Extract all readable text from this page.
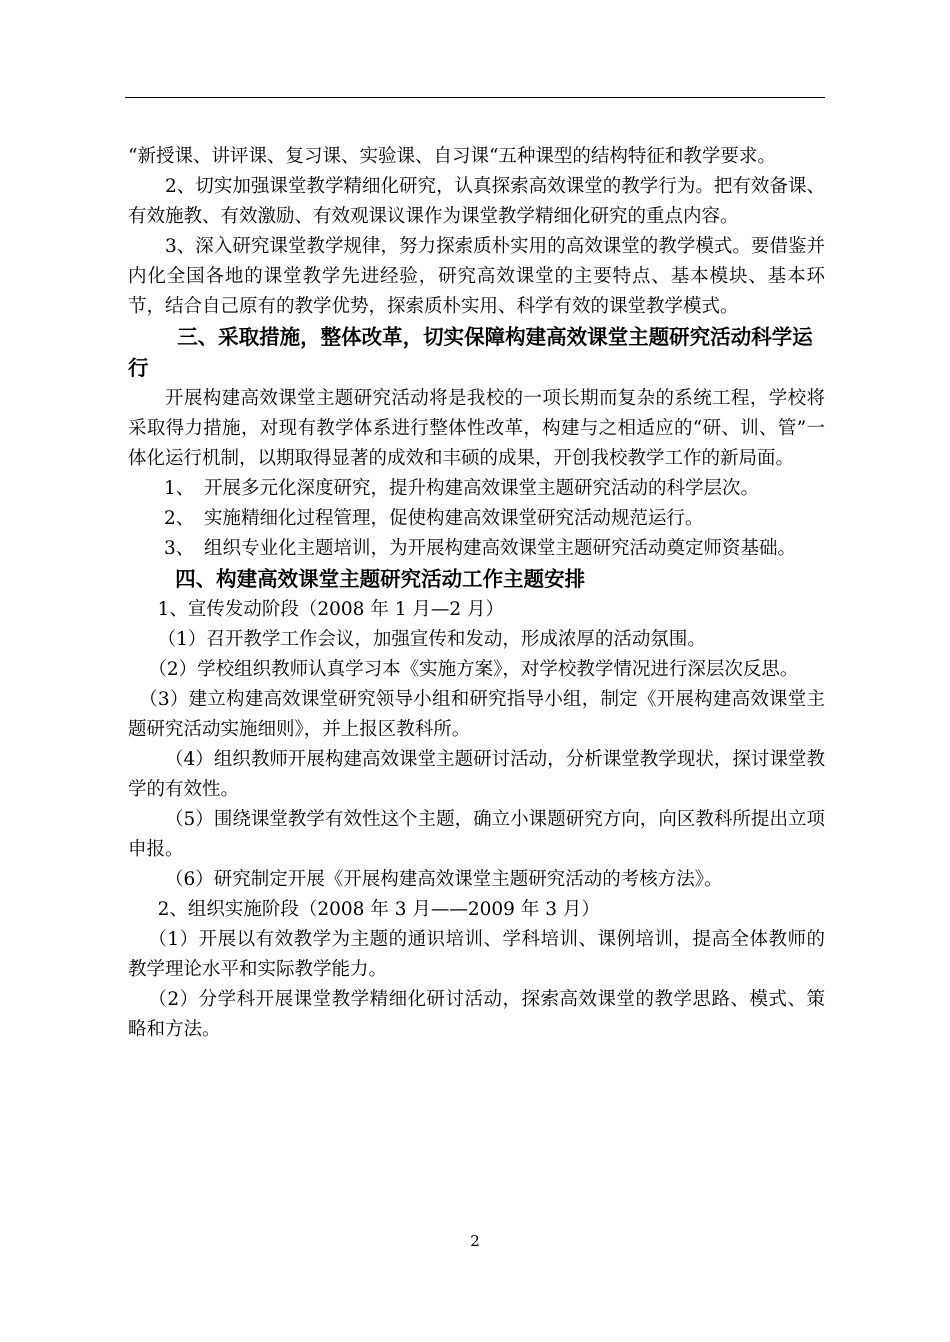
“新授课、讲评课、复习课、实验课、自习课“五种课型的结构特征和教学要求。

2、切实加强课堂教学精细化研究，认真探索高效课堂的教学行为。把有效备课、有效施教、有效激励、有效观课议课作为课堂教学精细化研究的重点内容。

3、深入研究课堂教学规律，努力探索质朴实用的高效课堂的教学模式。要借鉴并内化全国各地的课堂教学先进经验，研究高效课堂的主要特点、基本模块、基本环节，结合自己原有的教学优势，探索质朴实用、科学有效的课堂教学模式。

三、采取措施，整体改革，切实保障构建高效课堂主题研究活动科学运行

开展构建高效课堂主题研究活动将是我校的一项长期而复杂的系统工程，学校将采取得力措施，对现有教学体系进行整体性改革，构建与之相适应的“研、训、管”一体化运行机制，以期取得显著的成效和丰硕的成果，开创我校教学工作的新局面。

1、 开展多元化深度研究，提升构建高效课堂主题研究活动的科学层次。
2、 实施精细化过程管理，促使构建高效课堂研究活动规范运行。
3、 组织专业化主题培训，为开展构建高效课堂主题研究活动奠定师资基础。

四、构建高效课堂主题研究活动工作主题安排

1、宣传发动阶段（2008 年 1 月—2 月）

（1）召开教学工作会议，加强宣传和发动，形成浓厚的活动氛围。

（2）学校组织教师认真学习本《实施方案》，对学校教学情况进行深层次反思。

（3）建立构建高效课堂研究领导小组和研究指导小组，制定《开展构建高效课堂主题研究活动实施细则》，并上报区教科所。

（4）组织教师开展构建高效课堂主题研讨活动，分析课堂教学现状，探讨课堂教学的有效性。

（5）围绕课堂教学有效性这个主题，确立小课题研究方向，向区教科所提出立项申报。

（6）研究制定开展《开展构建高效课堂主题研究活动的考核方法》。

2、组织实施阶段（2008 年 3 月——2009 年 3 月）

（1）开展以有效教学为主题的通识培训、学科培训、课例培训，提高全体教师的教学理论水平和实际教学能力。

（2）分学科开展课堂教学精细化研讨活动，探索高效课堂的教学思路、模式、策略和方法。

2
